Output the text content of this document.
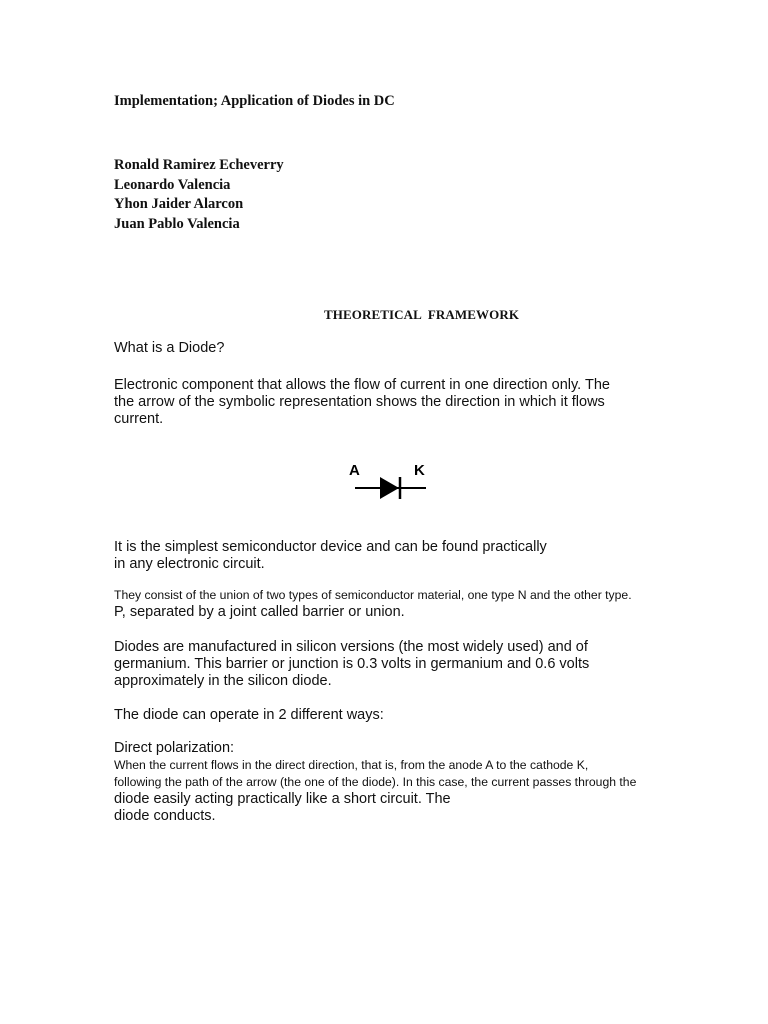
Implementation; Application of Diodes in DC
Ronald Ramirez Echeverry
Leonardo Valencia
Yhon Jaider Alarcon
Juan Pablo Valencia
THEORETICAL  FRAMEWORK
What is a Diode?
Electronic component that allows the flow of current in one direction only. The
the arrow of the symbolic representation shows the direction in which it flows
current.
A	K
It is the simplest semiconductor device and can be found practically
in any electronic circuit.
They consist of the union of two types of semiconductor material, one type N and the other type.
P, separated by a joint called barrier or union.
Diodes are manufactured in silicon versions (the most widely used) and of
germanium. This barrier or junction is 0.3 volts in germanium and 0.6 volts
approximately in the silicon diode.
The diode can operate in 2 different ways:
Direct polarization:
When the current flows in the direct direction, that is, from the anode A to the cathode K,
following the path of the arrow (the one of the diode). In this case, the current passes through the
diode easily acting practically like a short circuit. The
diode conducts.
